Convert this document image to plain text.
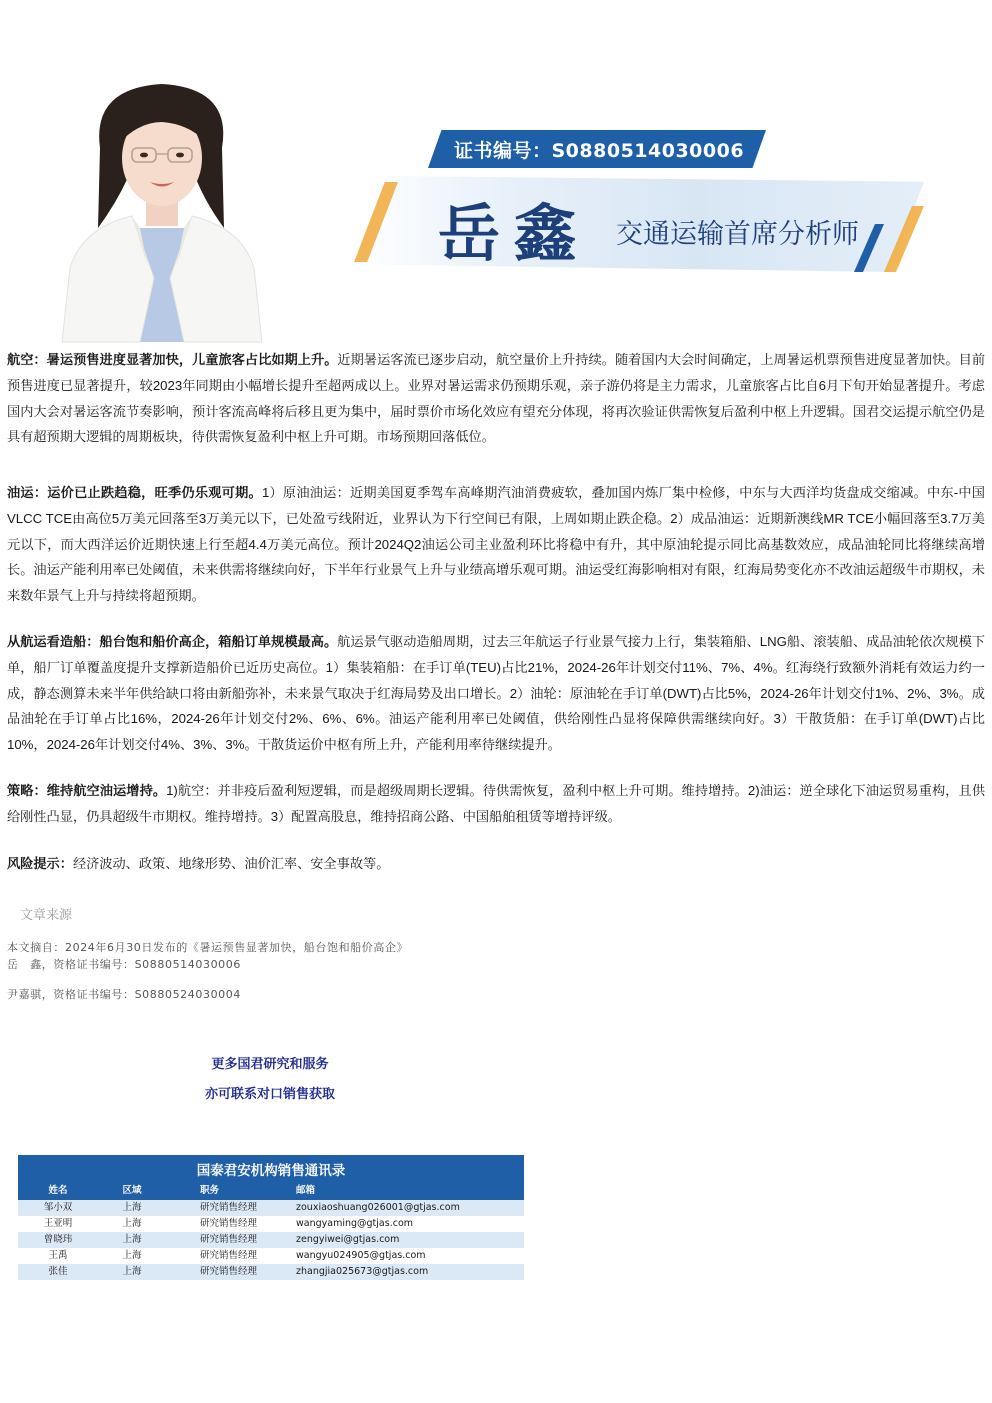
证书编号：S0880514030006
岳鑫 交通运输首席分析师

航空：暑运预售进度显著加快，儿童旅客占比如期上升。近期暑运客流已逐步启动，航空量价上升持续。随着国内大会时间确定，上周暑运机票预售进度显著加快。目前预售进度已显著提升，较2023年同期由小幅增长提升至超两成以上。业界对暑运需求仍预期乐观，亲子游仍将是主力需求，儿童旅客占比自6月下旬开始显著提升。考虑国内大会对暑运客流节奏影响，预计客流高峰将后移且更为集中，届时票价市场化效应有望充分体现，将再次验证供需恢复后盈利中枢上升逻辑。国君交运提示航空仍是具有超预期大逻辑的周期板块，待供需恢复盈利中枢上升可期。市场预期回落低位。

油运：运价已止跌趋稳，旺季仍乐观可期。1）原油油运：近期美国夏季驾车高峰期汽油消费疲软，叠加国内炼厂集中检修，中东与大西洋均货盘成交缩减。中东-中国VLCC TCE由高位5万美元回落至3万美元以下，已处盈亏线附近，业界认为下行空间已有限，上周如期止跌企稳。2）成品油运：近期新澳线MR TCE小幅回落至3.7万美元以下，而大西洋运价近期快速上行至超4.4万美元高位。预计2024Q2油运公司主业盈利环比将稳中有升，其中原油轮提示同比高基数效应，成品油轮同比将继续高增长。油运产能利用率已处阈值，未来供需将继续向好，下半年行业景气上升与业绩高增乐观可期。油运受红海影响相对有限，红海局势变化亦不改油运超级牛市期权，未来数年景气上升与持续将超预期。

从航运看造船：船台饱和船价高企，箱船订单规模最高。航运景气驱动造船周期，过去三年航运子行业景气接力上行，集装箱船、LNG船、滚装船、成品油轮依次规模下单，船厂订单覆盖度提升支撑新造船价已近历史高位。1）集装箱船：在手订单(TEU)占比21%，2024-26年计划交付11%、7%、4%。红海绕行致额外消耗有效运力约一成，静态测算未来半年供给缺口将由新船弥补，未来景气取决于红海局势及出口增长。2）油轮：原油轮在手订单(DWT)占比5%，2024-26年计划交付1%、2%、3%。成品油轮在手订单占比16%，2024-26年计划交付2%、6%、6%。油运产能利用率已处阈值，供给刚性凸显将保障供需继续向好。3）干散货船：在手订单(DWT)占比10%，2024-26年计划交付4%、3%、3%。干散货运价中枢有所上升，产能利用率待继续提升。

策略：维持航空油运增持。1)航空：并非疫后盈利短逻辑，而是超级周期长逻辑。待供需恢复，盈利中枢上升可期。维持增持。2)油运：逆全球化下油运贸易重构，且供给刚性凸显，仍具超级牛市期权。维持增持。3）配置高股息，维持招商公路、中国船舶租赁等增持评级。

风险提示：经济波动、政策、地缘形势、油价汇率、安全事故等。

文章来源
本文摘自：2024年6月30日发布的《暑运预售显著加快，船台饱和船价高企》
岳　鑫，资格证书编号：S0880514030006
尹嘉骐，资格证书编号：S0880524030004
更多国君研究和服务
亦可联系对口销售获取
国泰君安机构销售通讯录
姓名	区域	职务	邮箱
邹小双	上海	研究销售经理	zouxiaoshuang026001@gtjas.com
王亚明	上海	研究销售经理	wangyaming@gtjas.com
曾晓玮	上海	研究销售经理	zengyiwei@gtjas.com
王禹	上海	研究销售经理	wangyu024905@gtjas.com
张佳	上海	研究销售经理	zhangjia025673@gtjas.com
